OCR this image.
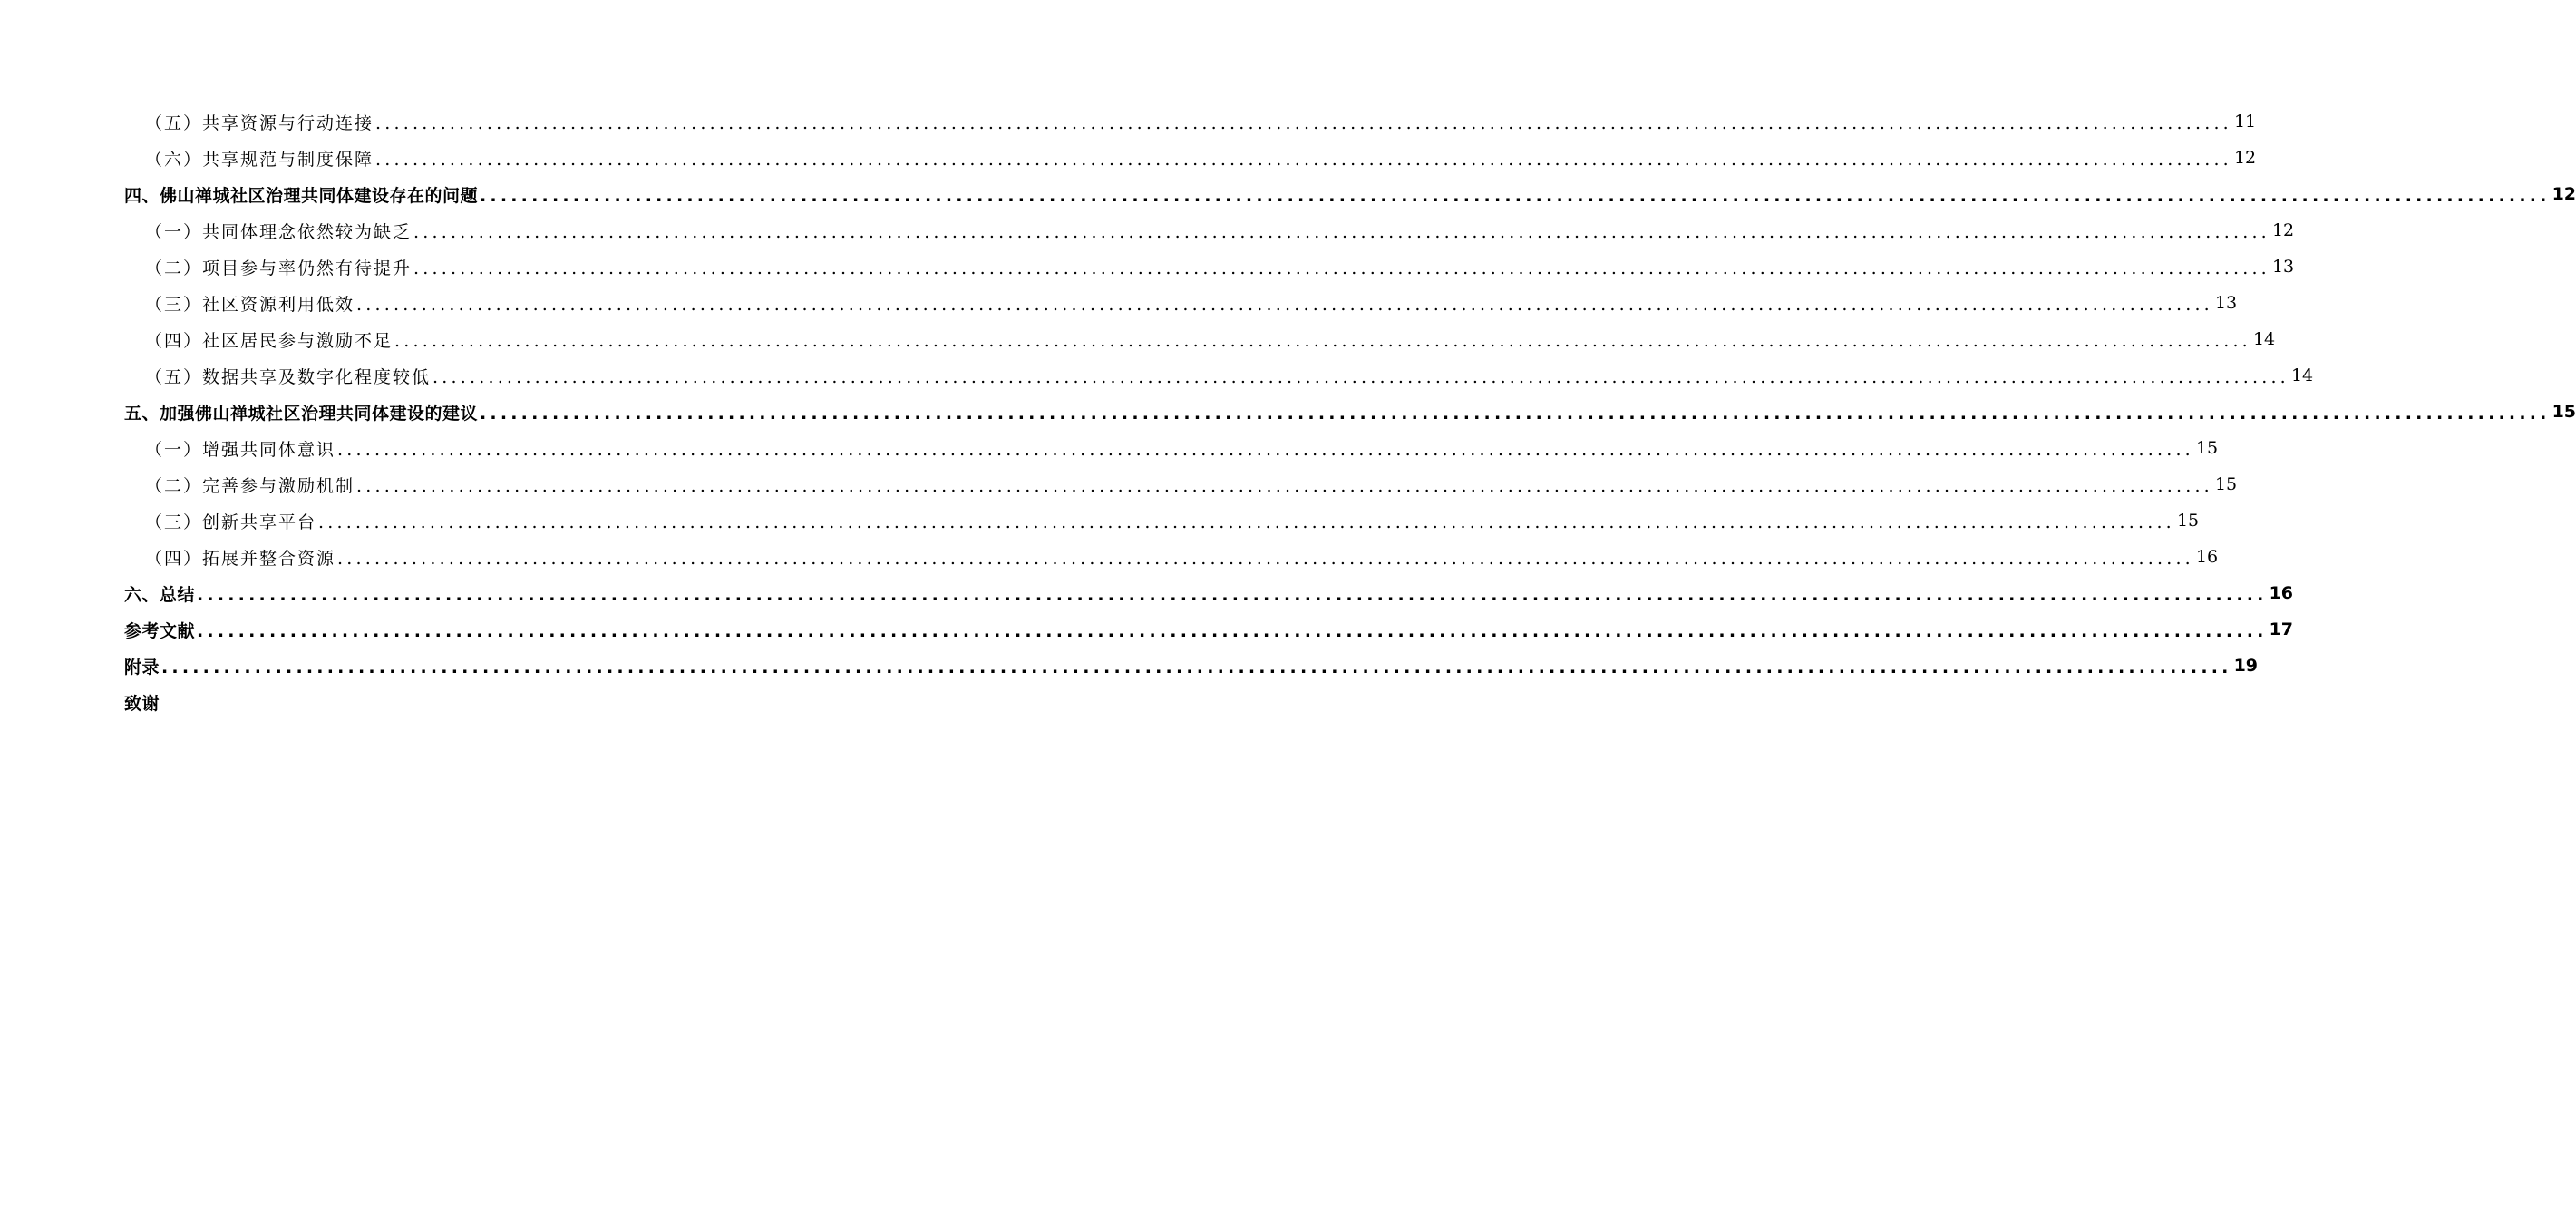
（五）共享资源与行动连接 ........................................................................................................................................................................................................ 11
（六）共享规范与制度保障 ........................................................................................................................................................................................................ 12
四、佛山禅城社区治理共同体建设存在的问题 ........................................................................................................................................................................................................ 12
（一）共同体理念依然较为缺乏 ........................................................................................................................................................................................................ 12
（二）项目参与率仍然有待提升 ........................................................................................................................................................................................................ 13
（三）社区资源利用低效 ........................................................................................................................................................................................................ 13
（四）社区居民参与激励不足 ........................................................................................................................................................................................................ 14
（五）数据共享及数字化程度较低 ........................................................................................................................................................................................................ 14
五、加强佛山禅城社区治理共同体建设的建议 ........................................................................................................................................................................................................ 15
（一）增强共同体意识 ........................................................................................................................................................................................................ 15
（二）完善参与激励机制 ........................................................................................................................................................................................................ 15
（三）创新共享平台 ........................................................................................................................................................................................................ 15
（四）拓展并整合资源 ........................................................................................................................................................................................................ 16
六、总结 ........................................................................................................................................................................................................ 16
参考文献 ........................................................................................................................................................................................................ 17
附录 ........................................................................................................................................................................................................ 19
致谢
